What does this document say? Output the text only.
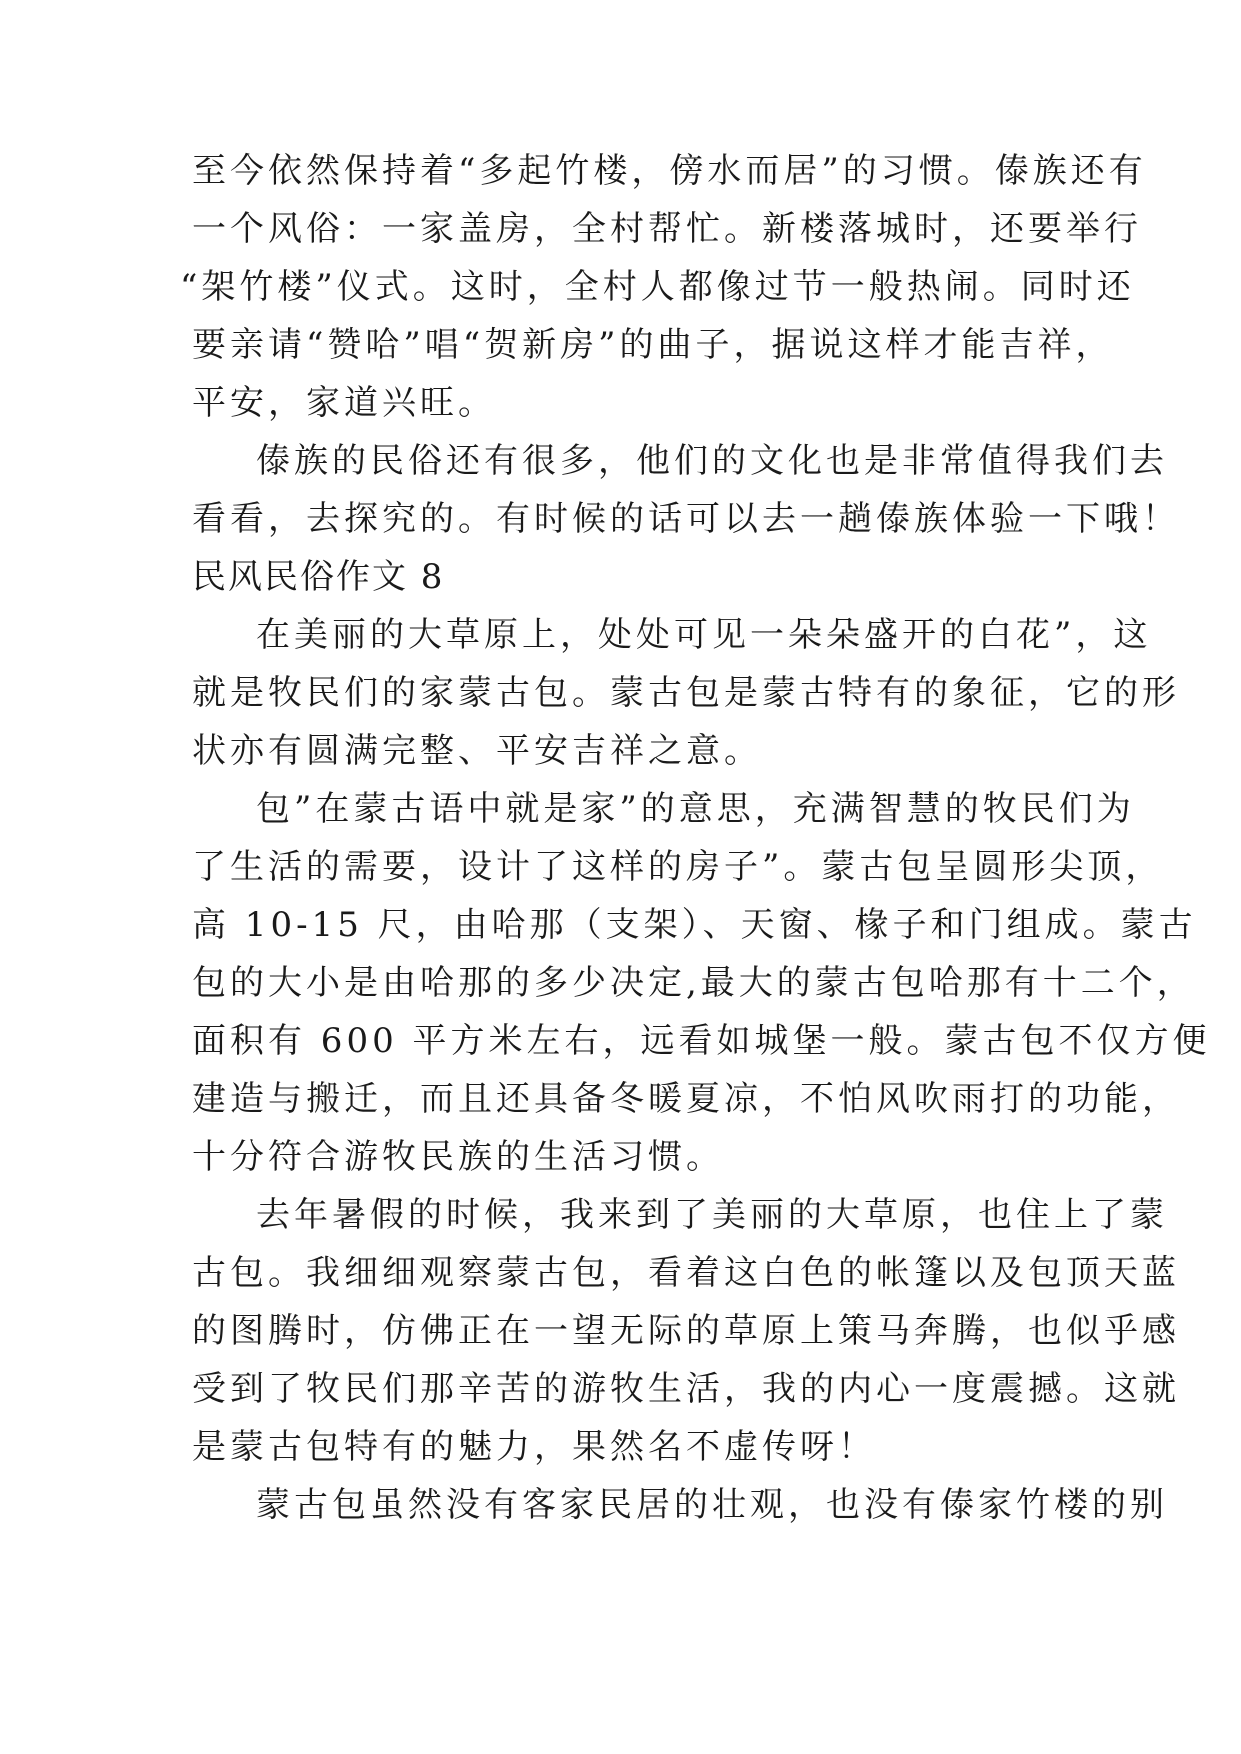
至今依然保持着“多起竹楼，傍水而居”的习惯。傣族还有
一个风俗：一家盖房，全村帮忙。新楼落城时，还要举行
“架竹楼”仪式。这时，全村人都像过节一般热闹。同时还
要亲请“赞哈”唱“贺新房”的曲子，据说这样才能吉祥，
平安，家道兴旺。
傣族的民俗还有很多，他们的文化也是非常值得我们去
看看，去探究的。有时候的话可以去一趟傣族体验一下哦！
民风民俗作文 8
在美丽的大草原上，处处可见一朵朵盛开的白花”，这
就是牧民们的家蒙古包。蒙古包是蒙古特有的象征，它的形
状亦有圆满完整、平安吉祥之意。
包”在蒙古语中就是家”的意思，充满智慧的牧民们为
了生活的需要，设计了这样的房子”。蒙古包呈圆形尖顶，
高 10-15 尺，由哈那（支架）、天窗、椽子和门组成。蒙古
包的大小是由哈那的多少决定,最大的蒙古包哈那有十二个，
面积有 600 平方米左右，远看如城堡一般。蒙古包不仅方便
建造与搬迁，而且还具备冬暖夏凉，不怕风吹雨打的功能，
十分符合游牧民族的生活习惯。
去年暑假的时候，我来到了美丽的大草原，也住上了蒙
古包。我细细观察蒙古包，看着这白色的帐篷以及包顶天蓝
的图腾时，仿佛正在一望无际的草原上策马奔腾，也似乎感
受到了牧民们那辛苦的游牧生活，我的内心一度震撼。这就
是蒙古包特有的魅力，果然名不虚传呀！
蒙古包虽然没有客家民居的壮观，也没有傣家竹楼的别
